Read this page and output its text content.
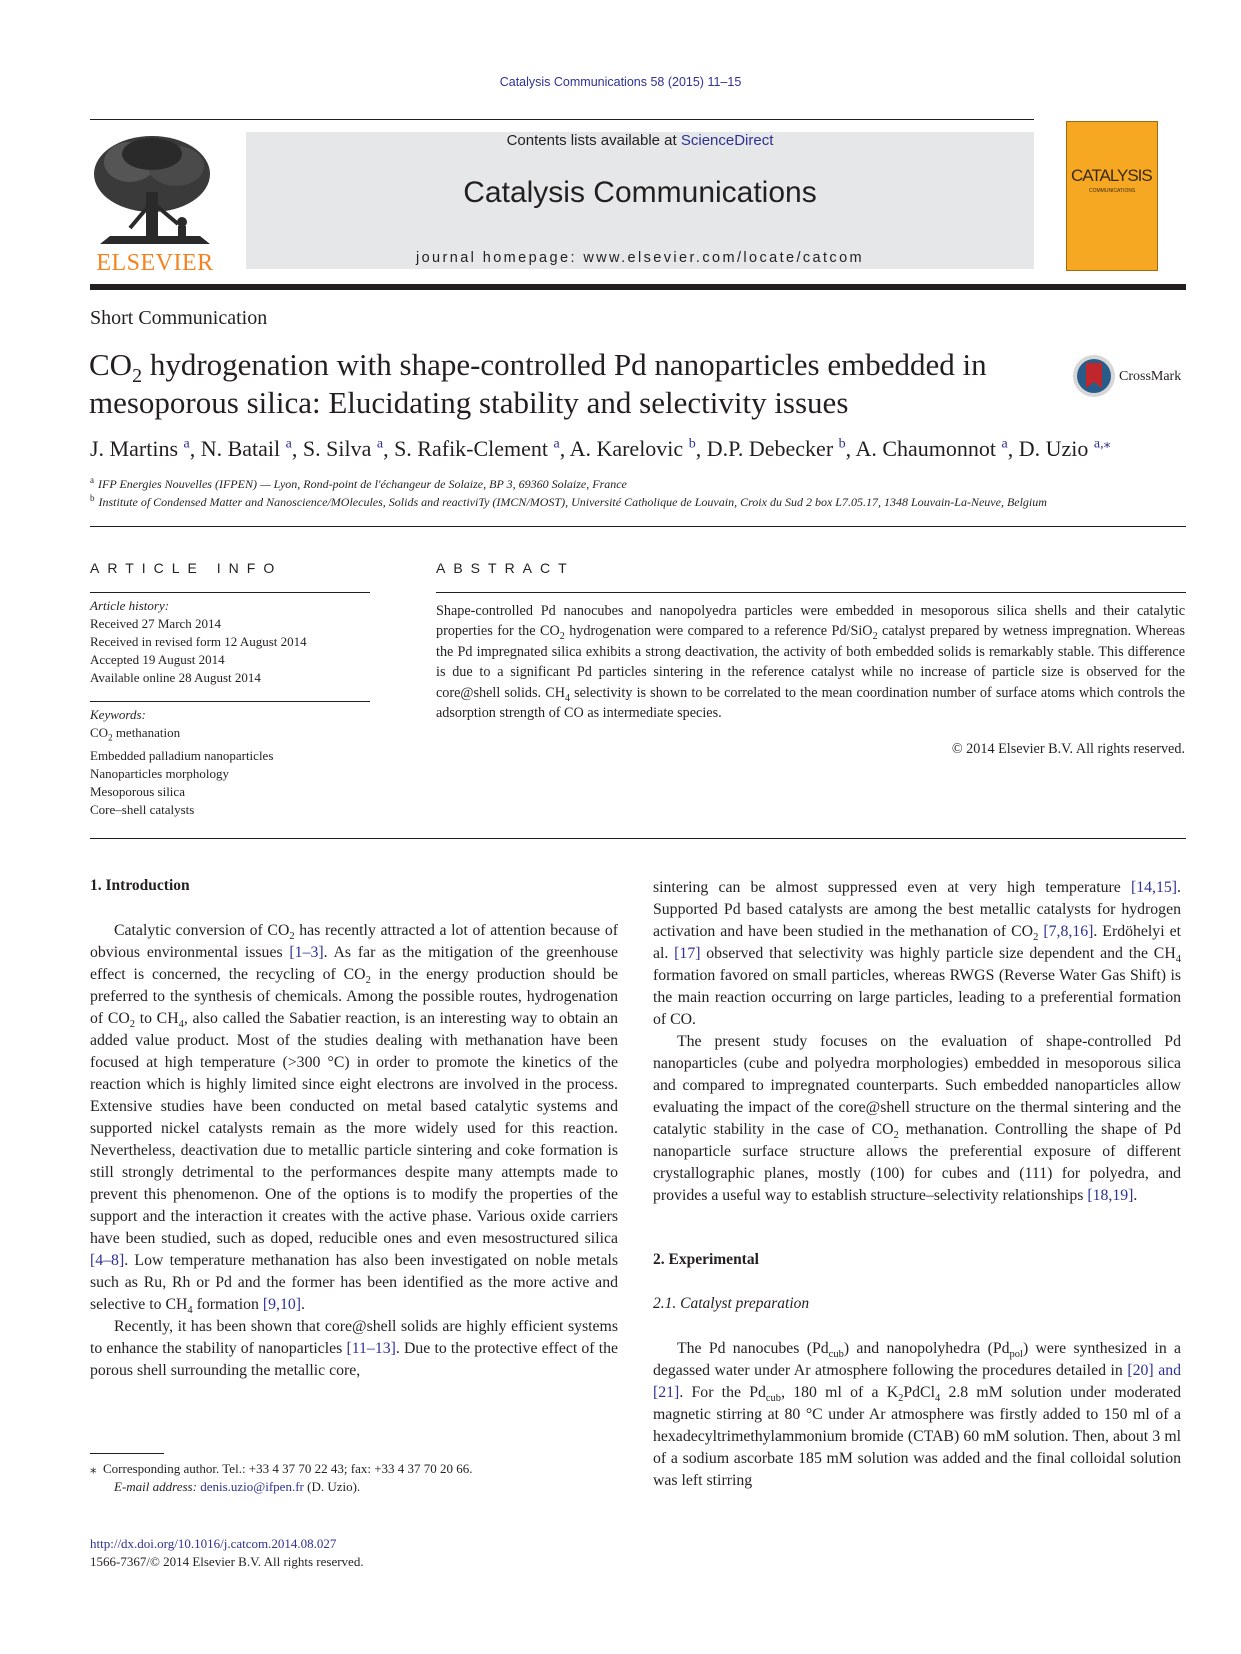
Catalysis Communications 58 (2015) 11–15
ELSEVIER
Contents lists available at ScienceDirect
Catalysis Communications
journal homepage: www.elsevier.com/locate/catcom
CATALYSIS
COMMUNICATIONS
Short Communication
$CO_2$ hydrogenation with shape-controlled Pd nanoparticles embedded in mesoporous silica: Elucidating stability and selectivity issues
CrossMark
J. Martins $^a$, N. Batail $^a$, S. Silva $^a$, S. Rafik-Clement $^a$, A. Karelovic $^b$, D.P. Debecker $^b$, A. Chaumonnot $^a$, D. Uzio $^{a,⁎}$
$^a$ IFP Energies Nouvelles (IFPEN) — Lyon, Rond-point de l'échangeur de Solaize, BP 3, 69360 Solaize, France
$^b$ Institute of Condensed Matter and Nanoscience/MOlecules, Solids and reactiviTy (IMCN/MOST), Université Catholique de Louvain, Croix du Sud 2 box L7.05.17, 1348 Louvain-La-Neuve, Belgium
ARTICLE INFO
Article history:
Received 27 March 2014
Received in revised form 12 August 2014
Accepted 19 August 2014
Available online 28 August 2014
Keywords:
$CO_2$ methanation
Embedded palladium nanoparticles
Nanoparticles morphology
Mesoporous silica
Core–shell catalysts
ABSTRACT
Shape-controlled Pd nanocubes and nanopolyedra particles were embedded in mesoporous silica shells and their catalytic properties for the $CO_2$ hydrogenation were compared to a reference Pd/SiO$_2$ catalyst prepared by wetness impregnation. Whereas the Pd impregnated silica exhibits a strong deactivation, the activity of both embedded solids is remarkably stable. This difference is due to a significant Pd particles sintering in the reference catalyst while no increase of particle size is observed for the core@shell solids. $CH_4$ selectivity is shown to be correlated to the mean coordination number of surface atoms which controls the adsorption strength of CO as intermediate species.
© 2014 Elsevier B.V. All rights reserved.
1. Introduction

Catalytic conversion of $CO_2$ has recently attracted a lot of attention because of obvious environmental issues [1–3]. As far as the mitigation of the greenhouse effect is concerned, the recycling of $CO_2$ in the energy production should be preferred to the synthesis of chemicals. Among the possible routes, hydrogenation of $CO_2$ to $CH_4$, also called the Sabatier reaction, is an interesting way to obtain an added value product. Most of the studies dealing with methanation have been focused at high temperature (>300 °C) in order to promote the kinetics of the reaction which is highly limited since eight electrons are involved in the process. Extensive studies have been conducted on metal based catalytic systems and supported nickel catalysts remain as the more widely used for this reaction. Nevertheless, deactivation due to metallic particle sintering and coke formation is still strongly detrimental to the performances despite many attempts made to prevent this phenomenon. One of the options is to modify the properties of the support and the interaction it creates with the active phase. Various oxide carriers have been studied, such as doped, reducible ones and even mesostructured silica [4–8]. Low temperature methanation has also been investigated on noble metals such as Ru, Rh or Pd and the former has been identified as the more active and selective to $CH_4$ formation [9,10].

Recently, it has been shown that core@shell solids are highly efficient systems to enhance the stability of nanoparticles [11–13]. Due to the protective effect of the porous shell surrounding the metallic core,

⁎ Corresponding author. Tel.: +33 4 37 70 22 43; fax: +33 4 37 70 20 66.
E-mail address: denis.uzio@ifpen.fr (D. Uzio).
http://dx.doi.org/10.1016/j.catcom.2014.08.027
1566-7367/© 2014 Elsevier B.V. All rights reserved.

sintering can be almost suppressed even at very high temperature [14,15]. Supported Pd based catalysts are among the best metallic catalysts for hydrogen activation and have been studied in the methanation of $CO_2$ [7,8,16]. Erdöhelyi et al. [17] observed that selectivity was highly particle size dependent and the $CH_4$ formation favored on small particles, whereas RWGS (Reverse Water Gas Shift) is the main reaction occurring on large particles, leading to a preferential formation of CO.

The present study focuses on the evaluation of shape-controlled Pd nanoparticles (cube and polyedra morphologies) embedded in mesoporous silica and compared to impregnated counterparts. Such embedded nanoparticles allow evaluating the impact of the core@shell structure on the thermal sintering and the catalytic stability in the case of $CO_2$ methanation. Controlling the shape of Pd nanoparticle surface structure allows the preferential exposure of different crystallographic planes, mostly (100) for cubes and (111) for polyedra, and provides a useful way to establish structure–selectivity relationships [18,19].

2. Experimental
2.1. Catalyst preparation

The Pd nanocubes $(Pd_{cub})$ and nanopolyhedra $(Pd_{pol})$ were synthesized in a degassed water under Ar atmosphere following the procedures detailed in [20] and [21]. For the $Pd_{cub}$, 180 ml of a $K_2PdCl_4$ 2.8 mM solution under moderated magnetic stirring at 80 °C under Ar atmosphere was firstly added to 150 ml of a hexadecyltrimethylammonium bromide (CTAB) 60 mM solution. Then, about 3 ml of a sodium ascorbate 185 mM solution was added and the final colloidal solution was left stirring
